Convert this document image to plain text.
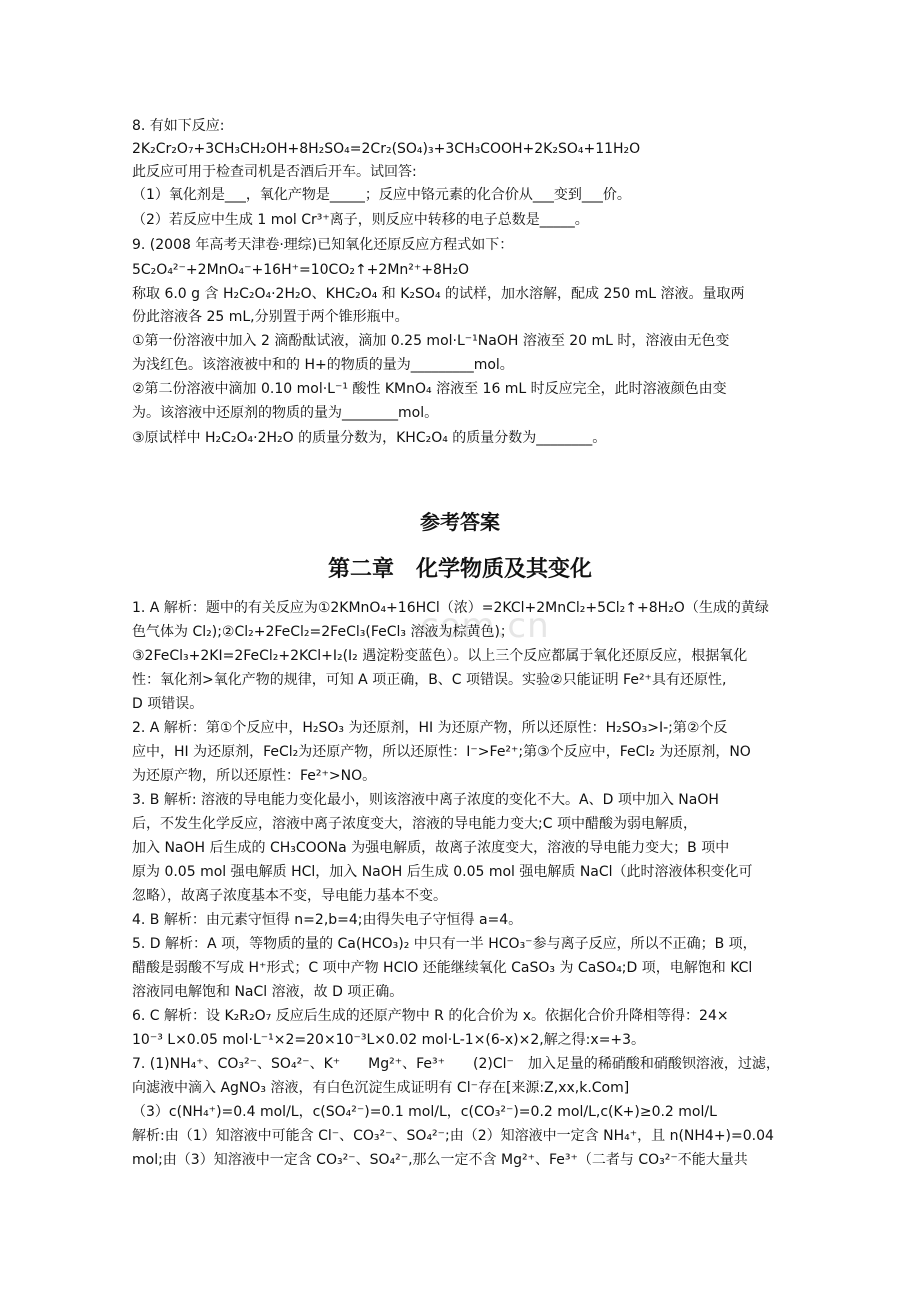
com.cn
8. 有如下反应:
2K₂Cr₂O₇+3CH₃CH₂OH+8H₂SO₄=2Cr₂(SO₄)₃+3CH₃COOH+2K₂SO₄+11H₂O
此反应可用于检查司机是否酒后开车。试回答:
（1）氧化剂是___，氧化产物是_____；反应中铬元素的化合价从___变到___价。
（2）若反应中生成 1 mol Cr³⁺离子，则反应中转移的电子总数是_____。
9. (2008 年高考天津卷·理综)已知氧化还原反应方程式如下：
5C₂O₄²⁻+2MnO₄⁻+16H⁺=10CO₂↑+2Mn²⁺+8H₂O
称取 6.0 g 含 H₂C₂O₄·2H₂O、KHC₂O₄ 和 K₂SO₄ 的试样，加水溶解，配成 250 mL 溶液。量取两
份此溶液各 25 mL,分别置于两个锥形瓶中。
①第一份溶液中加入 2 滴酚酞试液，滴加 0.25 mol·L⁻¹NaOH 溶液至 20 mL 时，溶液由无色变
为浅红色。该溶液被中和的 H+的物质的量为_________mol。
②第二份溶液中滴加 0.10 mol·L⁻¹ 酸性 KMnO₄ 溶液至 16 mL 时反应完全，此时溶液颜色由变
为。该溶液中还原剂的物质的量为________mol。
③原试样中 H₂C₂O₄·2H₂O 的质量分数为，KHC₂O₄ 的质量分数为________。
参考答案
第二章　化学物质及其变化
1. A 解析：题中的有关反应为①2KMnO₄+16HCl（浓）=2KCl+2MnCl₂+5Cl₂↑+8H₂O（生成的黄绿
色气体为 Cl₂);②Cl₂+2FeCl₂=2FeCl₃(FeCl₃ 溶液为棕黄色)；
③2FeCl₃+2KI=2FeCl₂+2KCl+I₂(I₂ 遇淀粉变蓝色）。以上三个反应都属于氧化还原反应，根据氧化
性：氧化剂>氧化产物的规律，可知 A 项正确，B、C 项错误。实验②只能证明 Fe²⁺具有还原性,
D 项错误。
2. A 解析：第①个反应中，H₂SO₃ 为还原剂，HI 为还原产物，所以还原性：H₂SO₃>I-;第②个反
应中，HI 为还原剂，FeCl₂为还原产物，所以还原性：I⁻>Fe²⁺;第③个反应中，FeCl₂ 为还原剂，NO
为还原产物，所以还原性：Fe²⁺>NO。
3. B 解析: 溶液的导电能力变化最小，则该溶液中离子浓度的变化不大。A、D 项中加入 NaOH
后，不发生化学反应，溶液中离子浓度变大，溶液的导电能力变大;C 项中醋酸为弱电解质，
加入 NaOH 后生成的 CH₃COONa 为强电解质，故离子浓度变大，溶液的导电能力变大；B 项中
原为 0.05 mol 强电解质 HCl，加入 NaOH 后生成 0.05 mol 强电解质 NaCl（此时溶液体积变化可
忽略），故离子浓度基本不变，导电能力基本不变。
4. B 解析：由元素守恒得 n=2,b=4;由得失电子守恒得 a=4。
5. D 解析：A 项，等物质的量的 Ca(HCO₃)₂ 中只有一半 HCO₃⁻参与离子反应，所以不正确；B 项，
醋酸是弱酸不写成 H⁺形式；C 项中产物 HClO 还能继续氧化 CaSO₃ 为 CaSO₄;D 项，电解饱和 KCl
溶液同电解饱和 NaCl 溶液，故 D 项正确。
6. C 解析：设 K₂R₂O₇ 反应后生成的还原产物中 R 的化合价为 x。依据化合价升降相等得：24×
10⁻³ L×0.05 mol·L⁻¹×2=20×10⁻³L×0.02 mol·L-1×(6-x)×2,解之得:x=+3。
7. (1)NH₄⁺、CO₃²⁻、SO₄²⁻、K⁺　　Mg²⁺、Fe³⁺　　(2)Cl⁻　加入足量的稀硝酸和硝酸钡溶液，过滤，
向滤液中滴入 AgNO₃ 溶液，有白色沉淀生成证明有 Cl⁻存在[来源:Z,xx,k.Com]
（3）c(NH₄⁺)=0.4 mol/L，c(SO₄²⁻)=0.1 mol/L，c(CO₃²⁻)=0.2 mol/L,c(K+)≥0.2 mol/L
解析:由（1）知溶液中可能含 Cl⁻、CO₃²⁻、SO₄²⁻;由（2）知溶液中一定含 NH₄⁺，且 n(NH4+)=0.04
mol;由（3）知溶液中一定含 CO₃²⁻、SO₄²⁻,那么一定不含 Mg²⁺、Fe³⁺（二者与 CO₃²⁻不能大量共
